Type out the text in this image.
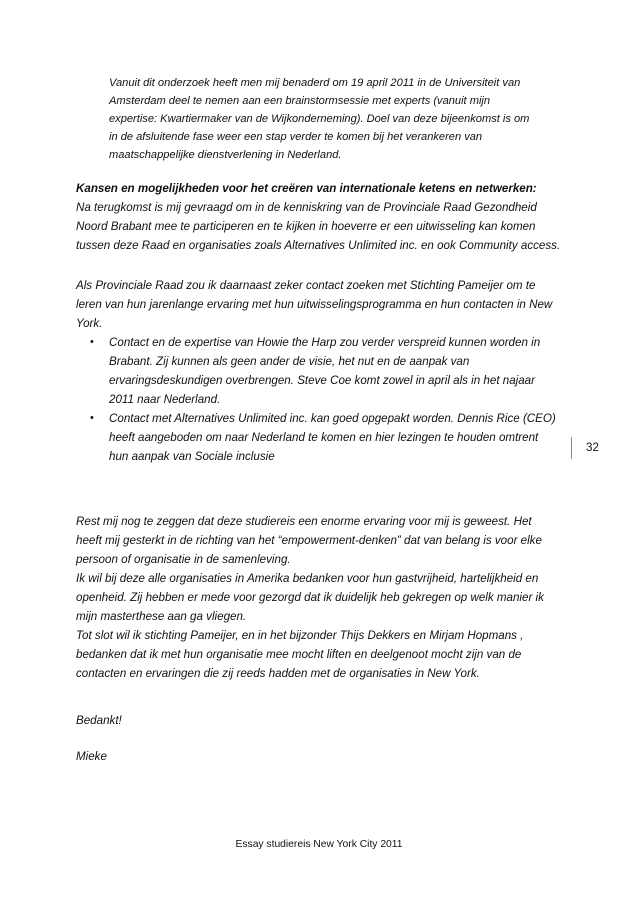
Vanuit dit onderzoek heeft men mij benaderd om 19 april 2011 in de Universiteit van
Amsterdam deel te nemen aan een brainstormsessie met experts (vanuit mijn
expertise: Kwartiermaker van de Wijkonderneming). Doel van deze bijeenkomst is om
in de afsluitende fase weer een stap verder te komen bij het verankeren van
maatschappelijke dienstverlening in Nederland.
Kansen en mogelijkheden voor het creëren van internationale ketens en netwerken:
Na terugkomst is mij gevraagd om in de kenniskring van de Provinciale Raad Gezondheid
Noord Brabant mee te participeren en te kijken in hoeverre er een uitwisseling kan komen
tussen deze Raad en organisaties zoals Alternatives Unlimited inc. en ook Community access.
Als Provinciale Raad zou ik daarnaast zeker contact zoeken met Stichting Pameijer om te
leren van hun jarenlange ervaring met hun uitwisselingsprogramma en hun contacten in New
York.
• Contact en de expertise van Howie the Harp zou verder verspreid kunnen worden in
Brabant. Zij kunnen als geen ander de visie, het nut en de aanpak van
ervaringsdeskundigen overbrengen. Steve Coe komt zowel in april als in het najaar
2011 naar Nederland.
• Contact met Alternatives Unlimited inc. kan goed opgepakt worden. Dennis Rice (CEO)
heeft aangeboden om naar Nederland te komen en hier lezingen te houden omtrent
hun aanpak van Sociale inclusie
32
Rest mij nog te zeggen dat deze studiereis een enorme ervaring voor mij is geweest. Het
heeft mij gesterkt in de richting van het “empowerment-denken” dat van belang is voor elke
persoon of organisatie in de samenleving.
Ik wil bij deze alle organisaties in Amerika bedanken voor hun gastvrijheid, hartelijkheid en
openheid. Zij hebben er mede voor gezorgd dat ik duidelijk heb gekregen op welk manier ik
mijn masterthese aan ga vliegen.
Tot slot wil ik stichting Pameijer, en in het bijzonder Thijs Dekkers en Mirjam Hopmans ,
bedanken dat ik met hun organisatie mee mocht liften en deelgenoot mocht zijn van de
contacten en ervaringen die zij reeds hadden met de organisaties in New York.
Bedankt!
Mieke
Essay studiereis New York City 2011
